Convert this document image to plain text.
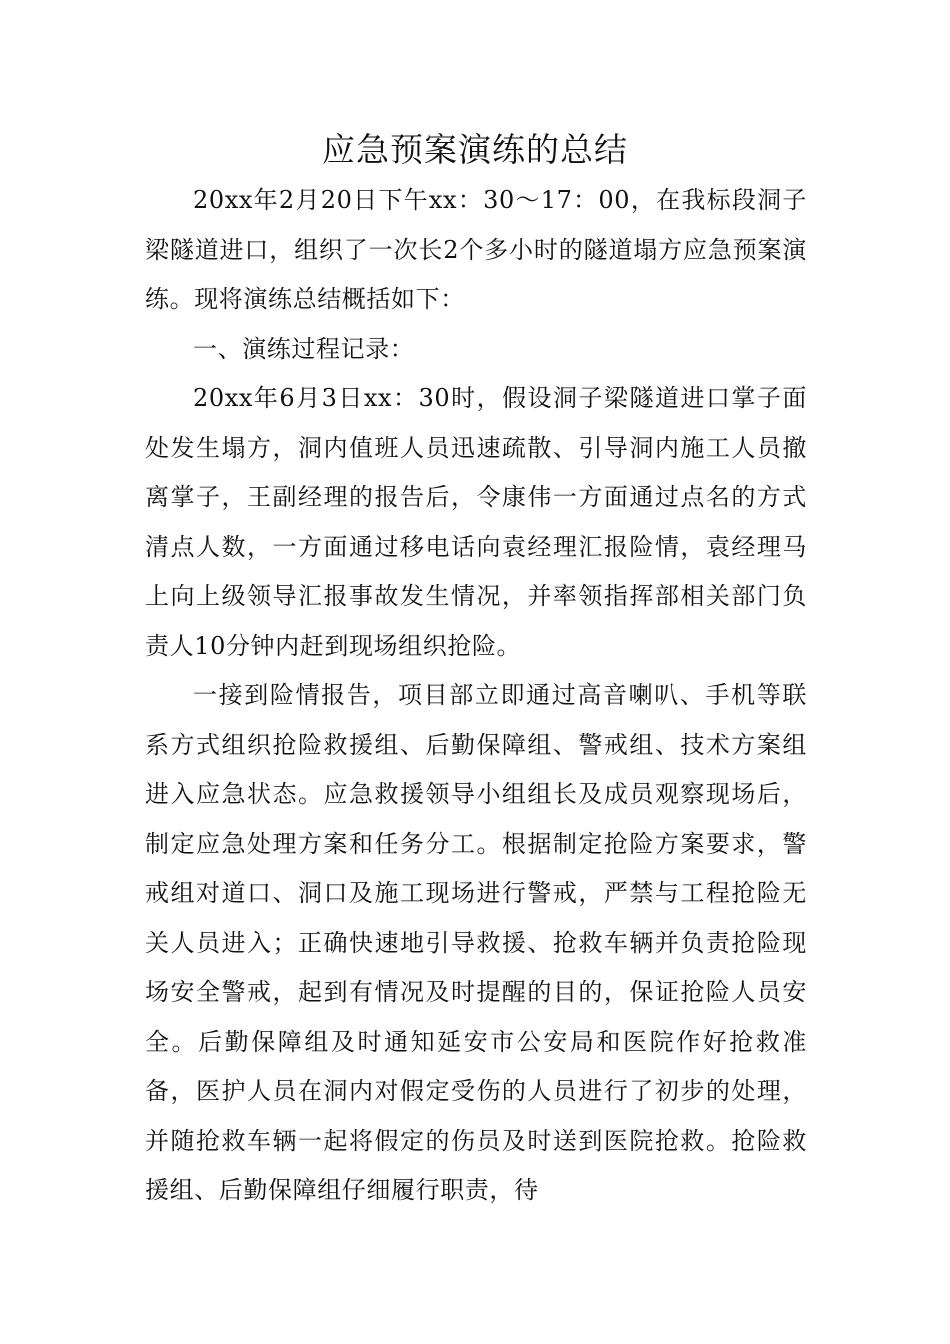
应急预案演练的总结

20xx年2月20日下午xx：30～17：00，在我标段洞子梁隧道进口，组织了一次长2个多小时的隧道塌方应急预案演练。现将演练总结概括如下：

一、演练过程记录：

20xx年6月3日xx：30时，假设洞子梁隧道进口掌子面处发生塌方，洞内值班人员迅速疏散、引导洞内施工人员撤离掌子，王副经理的报告后，令康伟一方面通过点名的方式清点人数，一方面通过移电话向袁经理汇报险情，袁经理马上向上级领导汇报事故发生情况，并率领指挥部相关部门负责人10分钟内赶到现场组织抢险。

一接到险情报告，项目部立即通过高音喇叭、手机等联系方式组织抢险救援组、后勤保障组、警戒组、技术方案组进入应急状态。应急救援领导小组组长及成员观察现场后，制定应急处理方案和任务分工。根据制定抢险方案要求，警戒组对道口、洞口及施工现场进行警戒，严禁与工程抢险无关人员进入；正确快速地引导救援、抢救车辆并负责抢险现场安全警戒，起到有情况及时提醒的目的，保证抢险人员安全。后勤保障组及时通知延安市公安局和医院作好抢救准备，医护人员在洞内对假定受伤的人员进行了初步的处理，并随抢救车辆一起将假定的伤员及时送到医院抢救。抢险救援组、后勤保障组仔细履行职责，待
